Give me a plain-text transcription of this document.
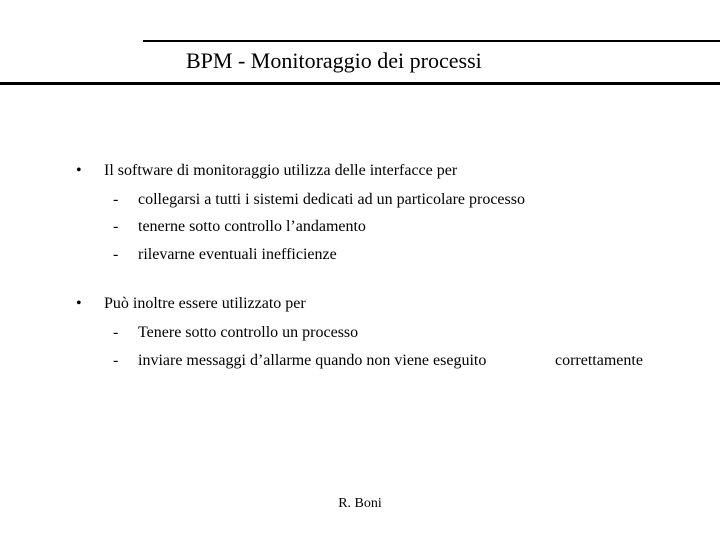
BPM - Monitoraggio dei processi
• Il software di monitoraggio utilizza delle interfacce per
- collegarsi a tutti i sistemi dedicati ad un particolare processo
- tenerne sotto controllo l’andamento
- rilevarne eventuali inefficienze
• Può inoltre essere utilizzato per
- Tenere sotto controllo un processo
- inviare messaggi d’allarme quando non viene eseguito	correttamente
R. Boni
